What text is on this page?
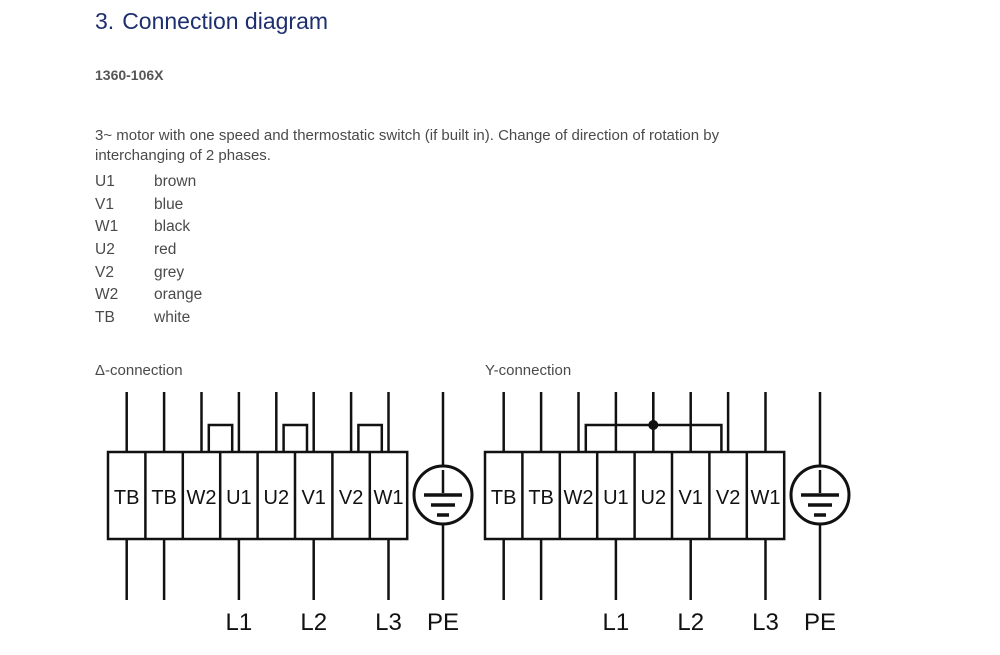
3. Connection diagram
1360-106X
3~ motor with one speed and thermostatic switch (if built in). Change of direction of rotation by interchanging of 2 phases.
U1	brown
V1	blue
W1	black
U2	red
V2	grey
W2	orange
TB	white
Δ-connection	Y-connection
TB TB W2 U1 U2 V1 V2 W1
L1 L2 L3 PE
TB TB W2 U1 U2 V1 V2 W1
L1 L2 L3 PE
